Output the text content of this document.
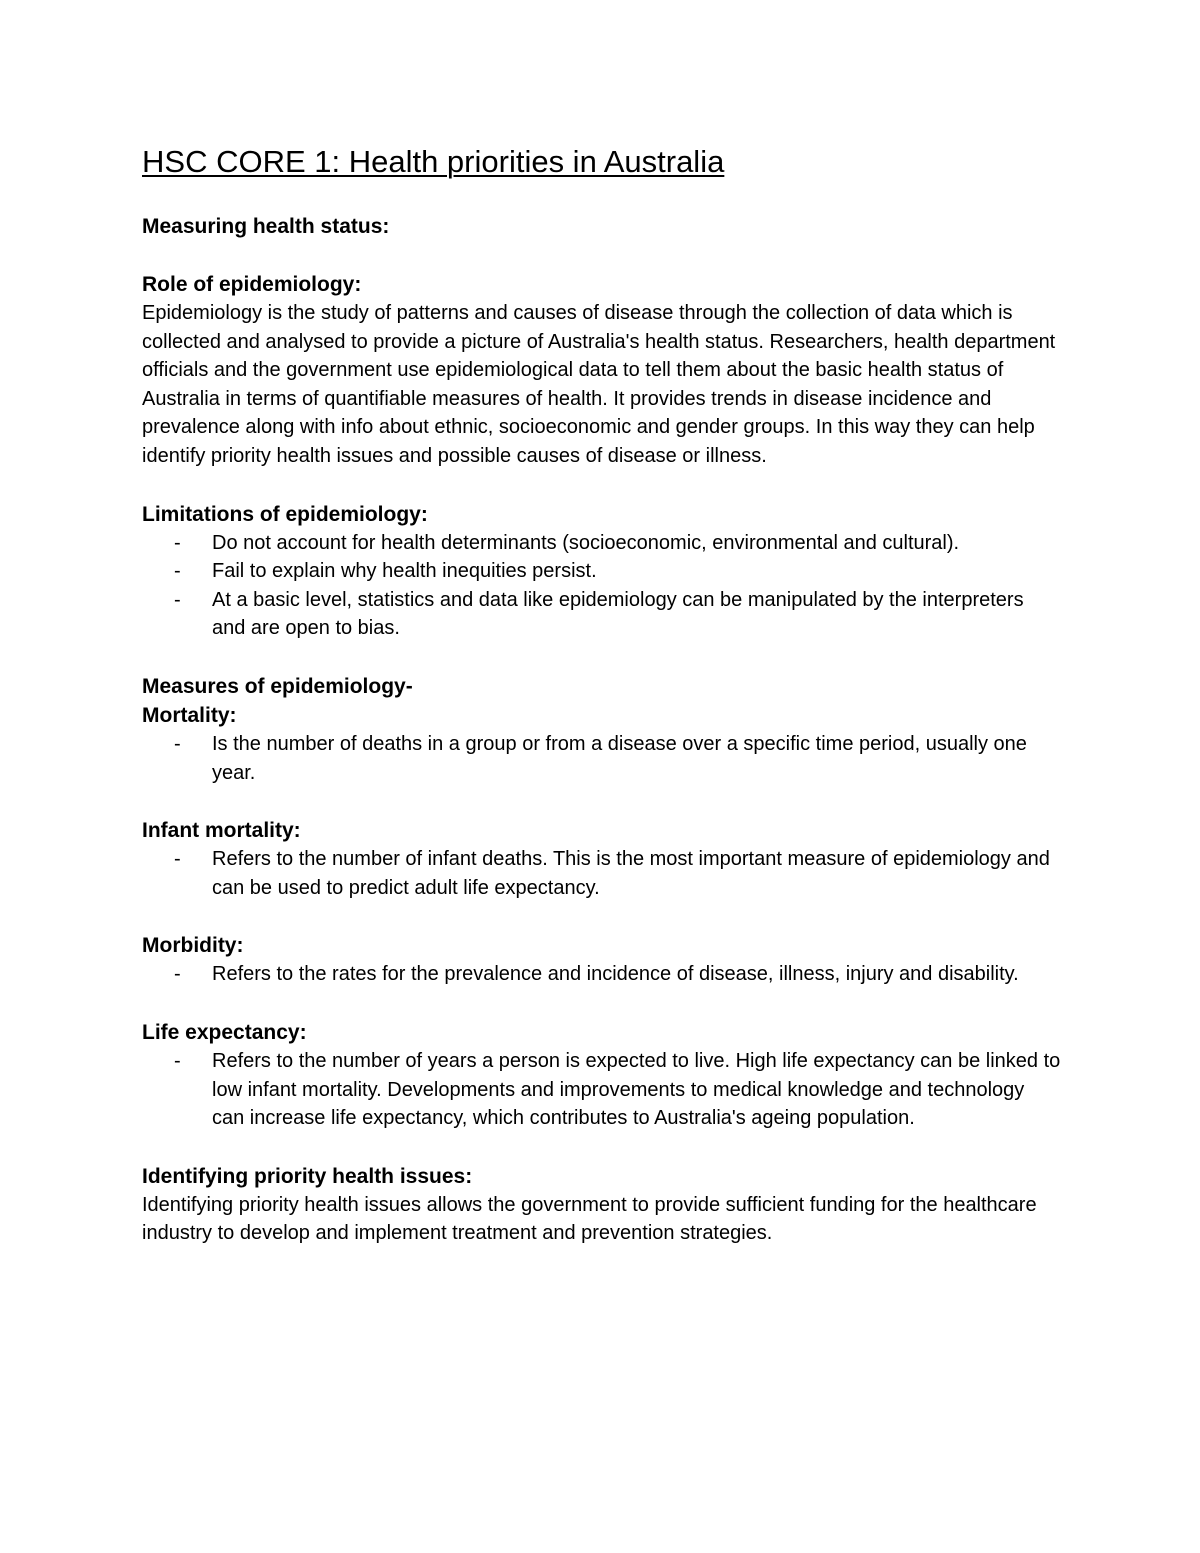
HSC CORE 1: Health priorities in Australia

Measuring health status:

Role of epidemiology:

Epidemiology is the study of patterns and causes of disease through the collection of data which is collected and analysed to provide a picture of Australia's health status. Researchers, health department officials and the government use epidemiological data to tell them about the basic health status of Australia in terms of quantifiable measures of health. It provides trends in disease incidence and prevalence along with info about ethnic, socioeconomic and gender groups. In this way they can help identify priority health issues and possible causes of disease or illness.

Limitations of epidemiology:

- Do not account for health determinants (socioeconomic, environmental and cultural).
- Fail to explain why health inequities persist.
- At a basic level, statistics and data like epidemiology can be manipulated by the interpreters and are open to bias.

Measures of epidemiology-

Mortality:

- Is the number of deaths in a group or from a disease over a specific time period, usually one year.

Infant mortality:

- Refers to the number of infant deaths. This is the most important measure of epidemiology and can be used to predict adult life expectancy.

Morbidity:

- Refers to the rates for the prevalence and incidence of disease, illness, injury and disability.

Life expectancy:

- Refers to the number of years a person is expected to live. High life expectancy can be linked to low infant mortality. Developments and improvements to medical knowledge and technology can increase life expectancy, which contributes to Australia's ageing population.

Identifying priority health issues:

Identifying priority health issues allows the government to provide sufficient funding for the healthcare industry to develop and implement treatment and prevention strategies.
